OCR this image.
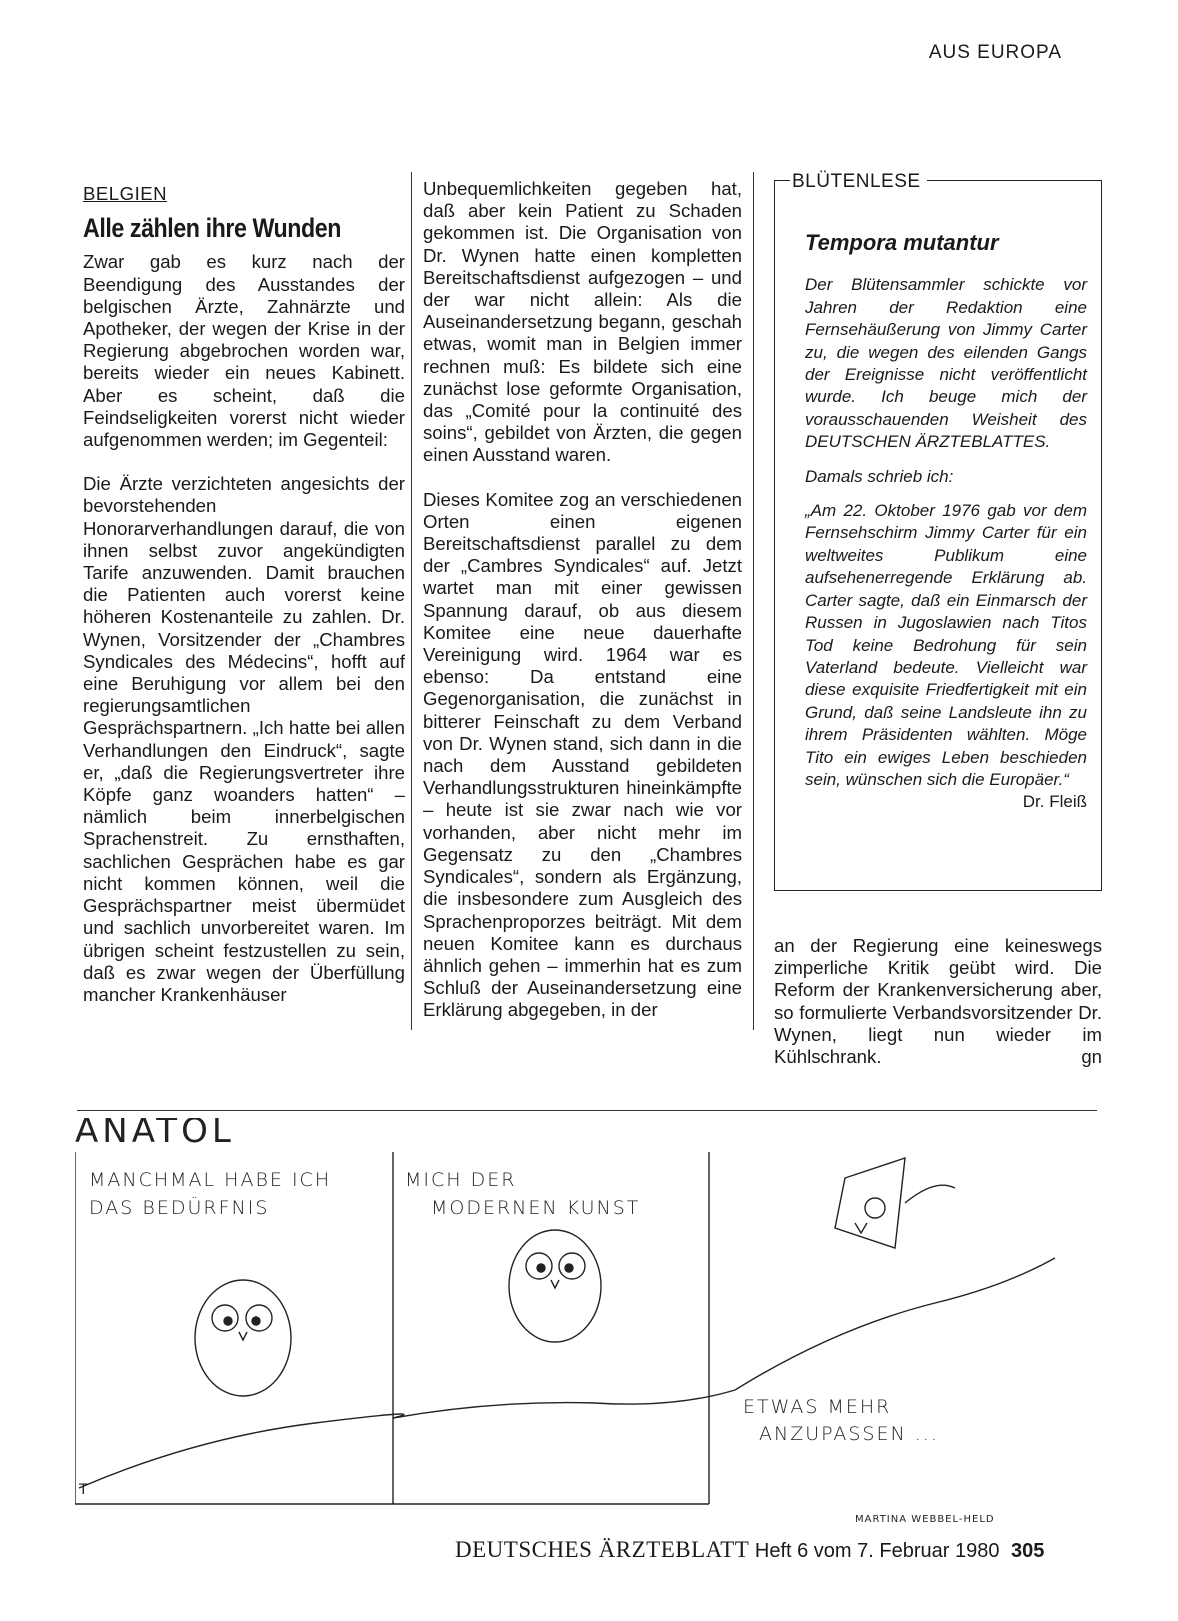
AUS EUROPA
BELGIEN
Alle zählen ihre Wunden

Zwar gab es kurz nach der Beendigung des Ausstandes der belgischen Ärzte, Zahnärzte und Apotheker, der wegen der Krise in der Regierung abgebrochen worden war, bereits wieder ein neues Kabinett. Aber es scheint, daß die Feindseligkeiten vorerst nicht wieder aufgenommen werden; im Gegenteil:

Die Ärzte verzichteten angesichts der bevorstehenden Honorarverhandlungen darauf, die von ihnen selbst zuvor angekündigten Tarife anzuwenden. Damit brauchen die Patienten auch vorerst keine höheren Kostenanteile zu zahlen. Dr. Wynen, Vorsitzender der „Chambres Syndicales des Médecins“, hofft auf eine Beruhigung vor allem bei den regierungsamtlichen Gesprächspartnern. „Ich hatte bei allen Verhandlungen den Eindruck“, sagte er, „daß die Regierungsvertreter ihre Köpfe ganz woanders hatten“ – nämlich beim innerbelgischen Sprachenstreit. Zu ernsthaften, sachlichen Gesprächen habe es gar nicht kommen können, weil die Gesprächspartner meist übermüdet und sachlich unvorbereitet waren. Im übrigen scheint festzustellen zu sein, daß es zwar wegen der Überfüllung mancher Krankenhäuser

Unbequemlichkeiten gegeben hat, daß aber kein Patient zu Schaden gekommen ist. Die Organisation von Dr. Wynen hatte einen kompletten Bereitschaftsdienst aufgezogen – und der war nicht allein: Als die Auseinandersetzung begann, geschah etwas, womit man in Belgien immer rechnen muß: Es bildete sich eine zunächst lose geformte Organisation, das „Comité pour la continuité des soins“, gebildet von Ärzten, die gegen einen Ausstand waren.

Dieses Komitee zog an verschiedenen Orten einen eigenen Bereitschaftsdienst parallel zu dem der „Cambres Syndicales“ auf. Jetzt wartet man mit einer gewissen Spannung darauf, ob aus diesem Komitee eine neue dauerhafte Vereinigung wird. 1964 war es ebenso: Da entstand eine Gegenorganisation, die zunächst in bitterer Feinschaft zu dem Verband von Dr. Wynen stand, sich dann in die nach dem Ausstand gebildeten Verhandlungsstrukturen hineinkämpfte – heute ist sie zwar nach wie vor vorhanden, aber nicht mehr im Gegensatz zu den „Chambres Syndicales“, sondern als Ergänzung, die insbesondere zum Ausgleich des Sprachenproporzes beiträgt. Mit dem neuen Komitee kann es durchaus ähnlich gehen – immerhin hat es zum Schluß der Auseinandersetzung eine Erklärung abgegeben, in der

BLÜTENLESE
Tempora mutantur

Der Blütensammler schickte vor Jahren der Redaktion eine Fernsehäußerung von Jimmy Carter zu, die wegen des eilenden Gangs der Ereignisse nicht veröffentlicht wurde. Ich beuge mich der vorausschauenden Weisheit des DEUTSCHEN ÄRZTEBLATTES.

Damals schrieb ich:

„Am 22. Oktober 1976 gab vor dem Fernsehschirm Jimmy Carter für ein weltweites Publikum eine aufsehenerregende Erklärung ab. Carter sagte, daß ein Einmarsch der Russen in Jugoslawien nach Titos Tod keine Bedrohung für sein Vaterland bedeute. Vielleicht war diese exquisite Friedfertigkeit mit ein Grund, daß seine Landsleute ihn zu ihrem Präsidenten wählten. Möge Tito ein ewiges Leben beschieden sein, wünschen sich die Europäer.“
Dr. Fleiß

an der Regierung eine keineswegs zimperliche Kritik geübt wird. Die Reform der Krankenversicherung aber, so formulierte Verbandsvorsitzender Dr. Wynen, liegt nun wieder im Kühlschrank.	gn
ANATOL
MANCHMAL HABE ICH
DAS BEDÜRFNIS
MICH DER
MODERNEN KUNST
ETWAS MEHR
ANZUPASSEN ...
T
MARTINA WEBBEL-HELD
DEUTSCHES ÄRZTEBLATT Heft 6 vom 7. Februar 1980 305
